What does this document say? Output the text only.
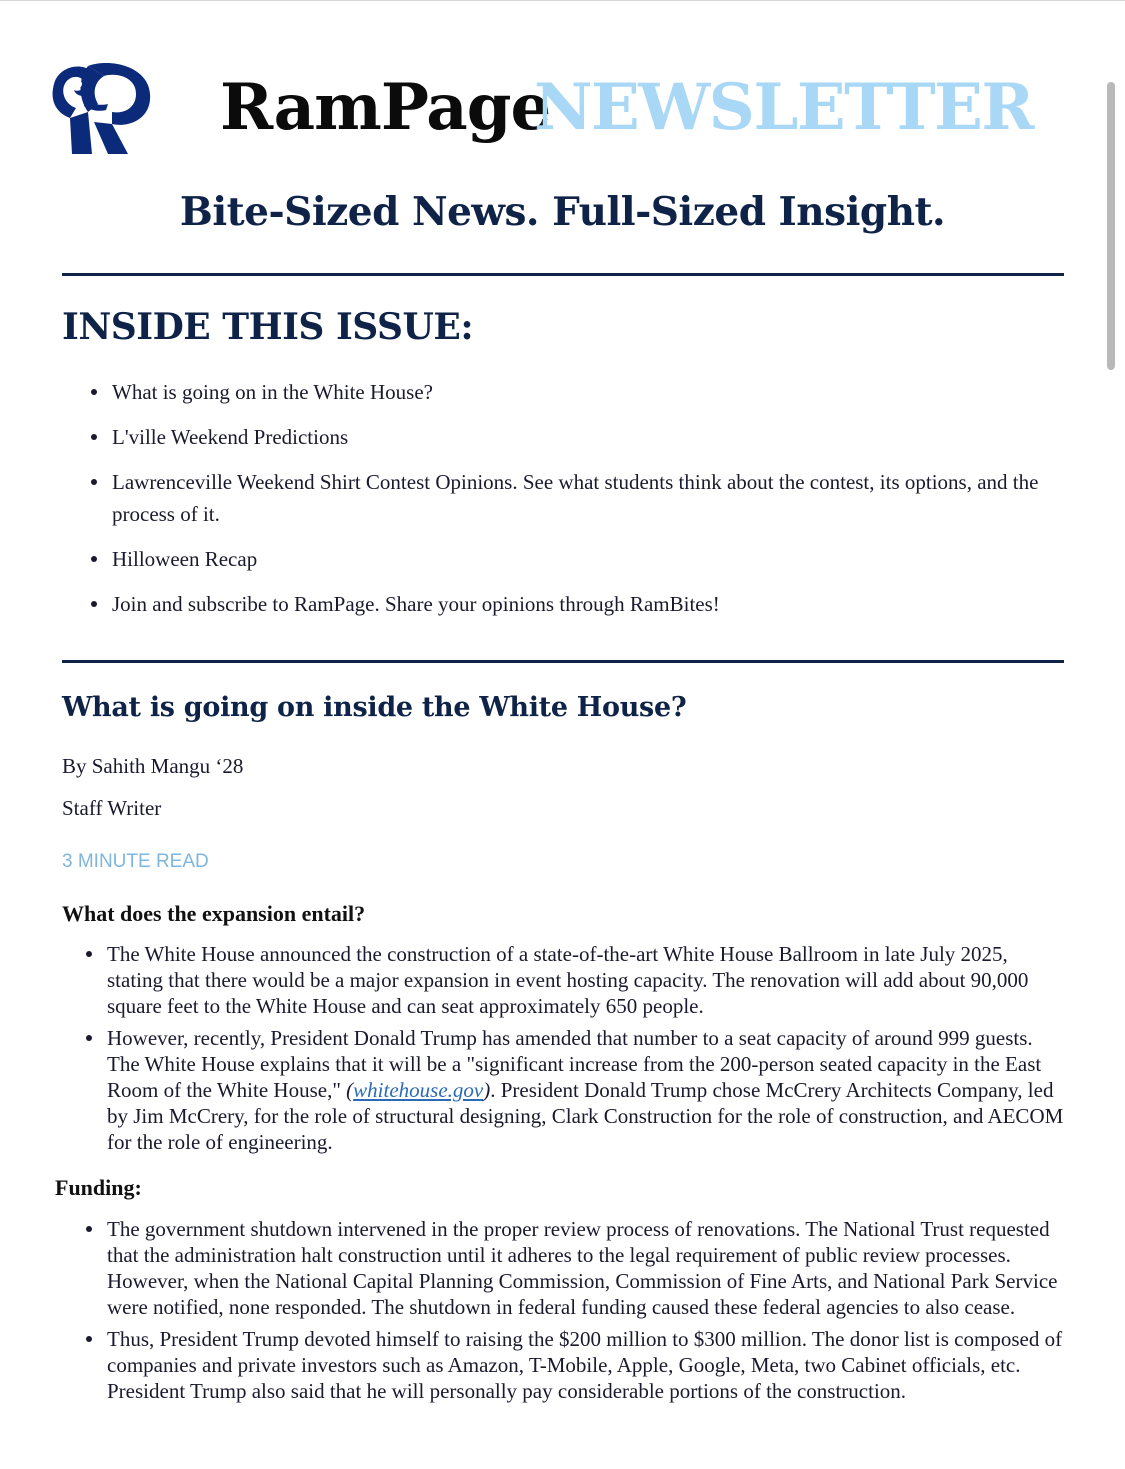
RamPage
NEWSLETTER
Bite-Sized News. Full-Sized Insight.
INSIDE THIS ISSUE:
What is going on in the White House?
L'ville Weekend Predictions
Lawrenceville Weekend Shirt Contest Opinions. See what students think about the contest, its options, and the process of it.
Hilloween Recap
Join and subscribe to RamPage. Share your opinions through RamBites!
What is going on inside the White House?
By Sahith Mangu ‘28
Staff Writer
3 MINUTE READ
What does the expansion entail?
The White House announced the construction of a state-of-the-art White House Ballroom in late July 2025, stating that there would be a major expansion in event hosting capacity. The renovation will add about 90,000 square feet to the White House and can seat approximately 650 people.
However, recently, President Donald Trump has amended that number to a seat capacity of around 999 guests. The White House explains that it will be a "significant increase from the 200-person seated capacity in the East Room of the White House," (whitehouse.gov). President Donald Trump chose McCrery Architects Company, led by Jim McCrery, for the role of structural designing, Clark Construction for the role of construction, and AECOM for the role of engineering.
Funding:
The government shutdown intervened in the proper review process of renovations. The National Trust requested that the administration halt construction until it adheres to the legal requirement of public review processes. However, when the National Capital Planning Commission, Commission of Fine Arts, and National Park Service were notified, none responded. The shutdown in federal funding caused these federal agencies to also cease.
Thus, President Trump devoted himself to raising the $200 million to $300 million. The donor list is composed of companies and private investors such as Amazon, T-Mobile, Apple, Google, Meta, two Cabinet officials, etc. President Trump also said that he will personally pay considerable portions of the construction.
